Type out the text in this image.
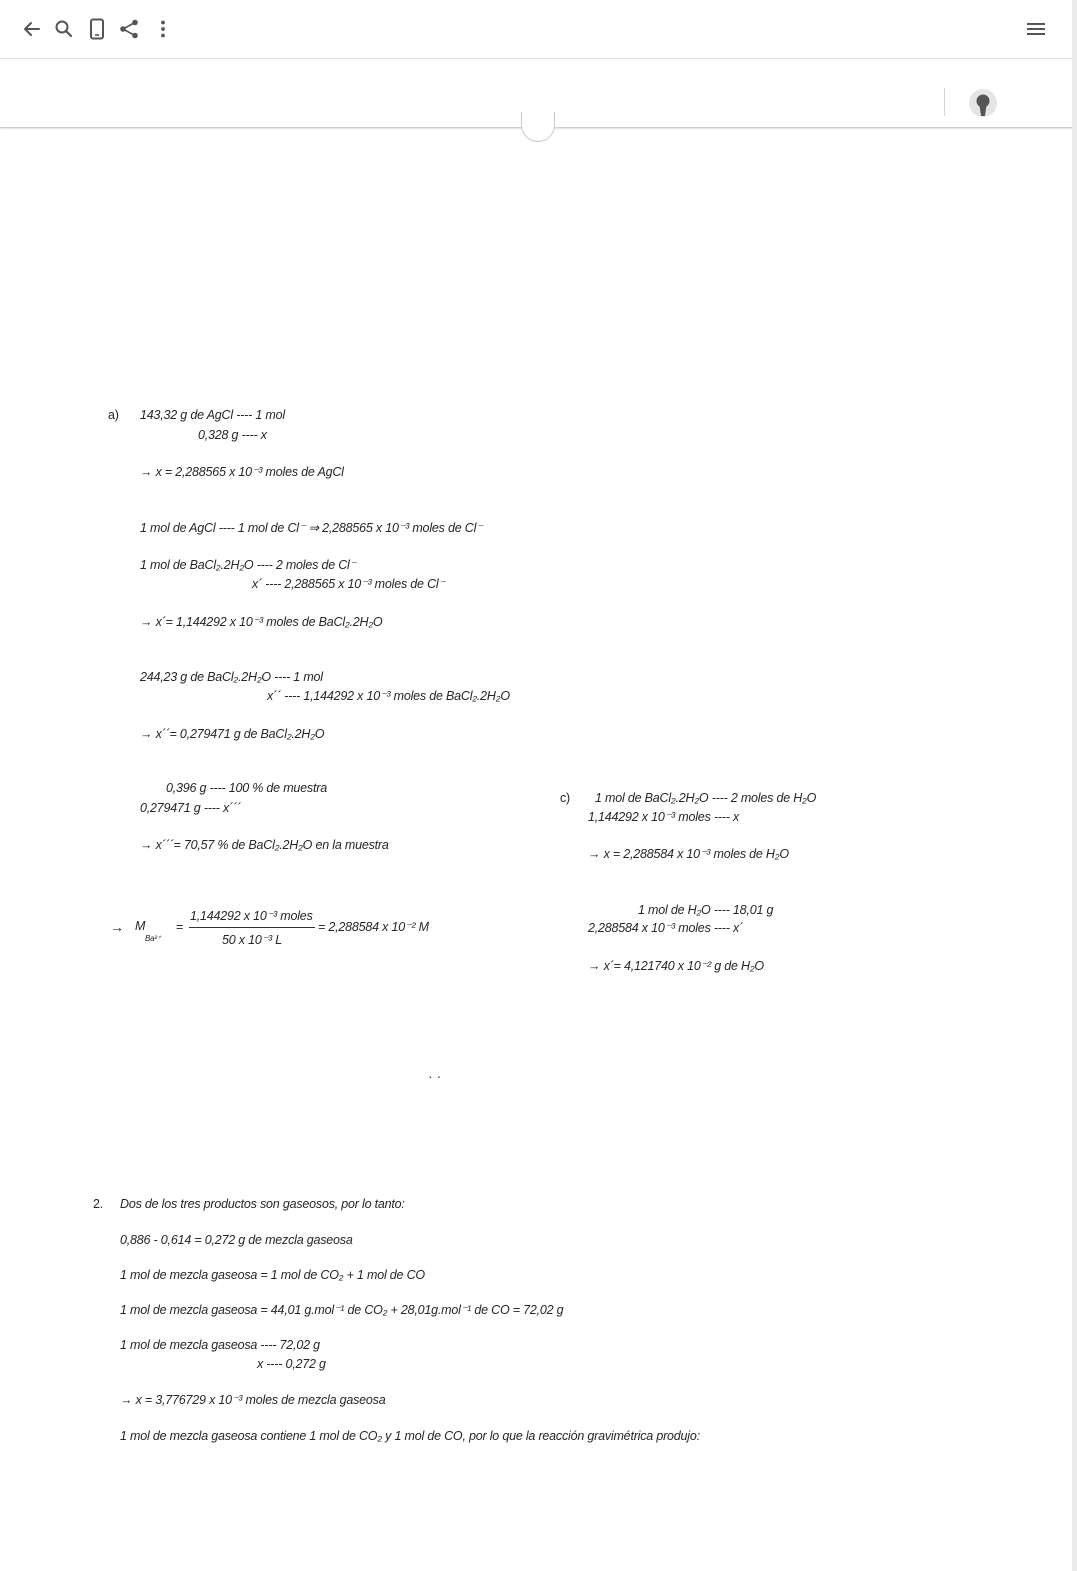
a) 143,32 g de AgCl ---- 1 mol
0,328 g ---- x
→ x = 2,288565 x 10⁻³ moles de AgCl
1 mol de AgCl ---- 1 mol de Cl⁻ ⇒ 2,288565 x 10⁻³ moles de Cl⁻
1 mol de BaCl₂.2H₂O ---- 2 moles de Cl⁻
x´ ---- 2,288565 x 10⁻³ moles de Cl⁻
→ x´= 1,144292 x 10⁻³ moles de BaCl₂.2H₂O
244,23 g de BaCl₂.2H₂O ---- 1 mol
x´´ ---- 1,144292 x 10⁻³ moles de BaCl₂.2H₂O
→ x´´= 0,279471 g de BaCl₂.2H₂O
0,396 g ---- 100 % de muestra
0,279471 g ---- x´´´
→ x´´´= 70,57 % de BaCl₂.2H₂O en la muestra
→ M
Ba²⁺
=
1,144292 x 10⁻³ moles
50 x 10⁻³ L
= 2,288584 x 10⁻² M
c) 1 mol de BaCl₂.2H₂O ---- 2 moles de H₂O
1,144292 x 10⁻³ moles ---- x
→ x = 2,288584 x 10⁻³ moles de H₂O
1 mol de H₂O ---- 18,01 g
2,288584 x 10⁻³ moles ---- x´
→ x´= 4,121740 x 10⁻² g de H₂O
· ·
2. Dos de los tres productos son gaseosos, por lo tanto:
0,886 - 0,614 = 0,272 g de mezcla gaseosa
1 mol de mezcla gaseosa = 1 mol de CO₂ + 1 mol de CO
1 mol de mezcla gaseosa = 44,01 g.mol⁻¹ de CO₂ + 28,01g.mol⁻¹ de CO = 72,02 g
1 mol de mezcla gaseosa ---- 72,02 g
x ---- 0,272 g
→ x = 3,776729 x 10⁻³ moles de mezcla gaseosa
1 mol de mezcla gaseosa contiene 1 mol de CO₂ y 1 mol de CO, por lo que la reacción gravimétrica produjo:
